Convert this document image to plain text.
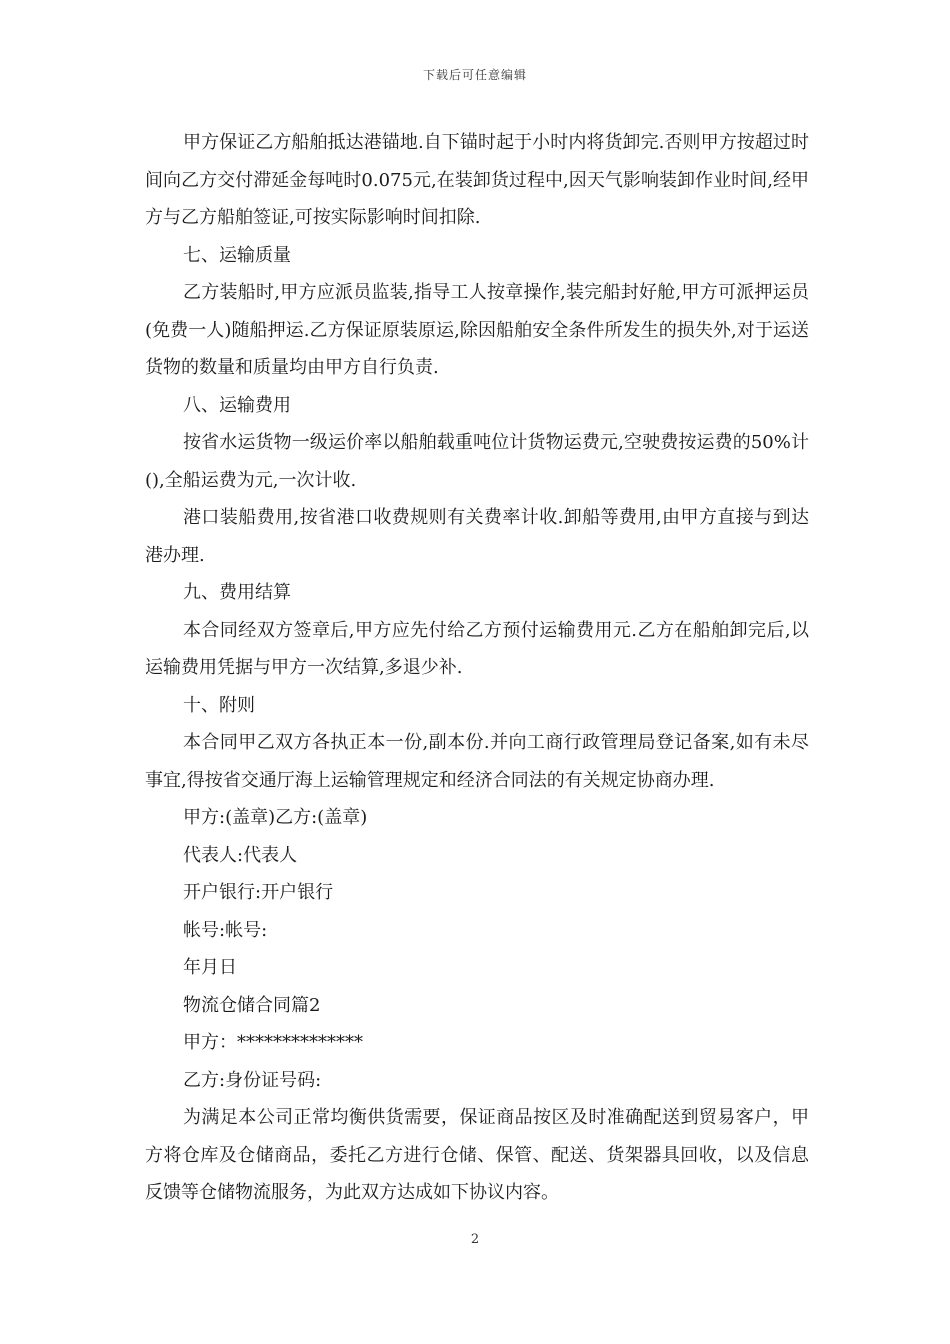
下载后可任意编辑

甲方保证乙方船舶抵达港锚地.自下锚时起于小时内将货卸完.否则甲方按超过时间向乙方交付滞延金每吨时0.075元,在装卸货过程中,因天气影响装卸作业时间,经甲方与乙方船舶签证,可按实际影响时间扣除.

七、运输质量

乙方装船时,甲方应派员监装,指导工人按章操作,装完船封好舱,甲方可派押运员(免费一人)随船押运.乙方保证原装原运,除因船舶安全条件所发生的损失外,对于运送货物的数量和质量均由甲方自行负责.

八、运输费用

按省水运货物一级运价率以船舶载重吨位计货物运费元,空驶费按运费的50%计(),全船运费为元,一次计收.

港口装船费用,按省港口收费规则有关费率计收.卸船等费用,由甲方直接与到达港办理.

九、费用结算

本合同经双方签章后,甲方应先付给乙方预付运输费用元.乙方在船舶卸完后,以运输费用凭据与甲方一次结算,多退少补.

十、附则

本合同甲乙双方各执正本一份,副本份.并向工商行政管理局登记备案,如有未尽事宜,得按省交通厅海上运输管理规定和经济合同法的有关规定协商办理.

甲方:(盖章)乙方:(盖章)

代表人:代表人

开户银行:开户银行

帐号:帐号:

年月日

物流仓储合同篇2

甲方：**************

乙方:身份证号码:

为满足本公司正常均衡供货需要，保证商品按区及时准确配送到贸易客户，甲方将仓库及仓储商品，委托乙方进行仓储、保管、配送、货架器具回收，以及信息反馈等仓储物流服务，为此双方达成如下协议内容。

2
